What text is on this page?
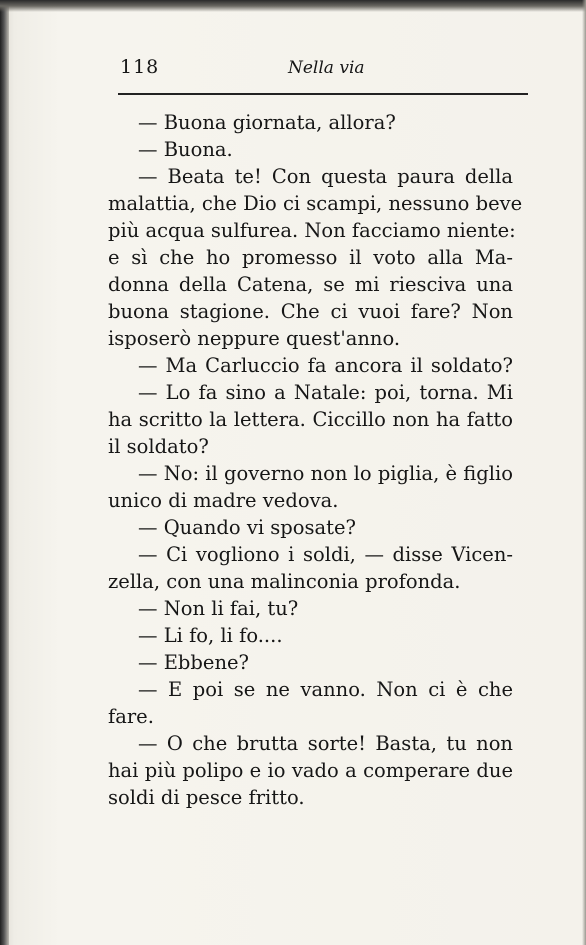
118	Nella via
— Buona giornata, allora?
— Buona.
— Beata te! Con questa paura della
malattia, che Dio ci scampi, nessuno beve
più acqua sulfurea. Non facciamo niente:
e sì che ho promesso il voto alla Ma-
donna della Catena, se mi riesciva una
buona stagione. Che ci vuoi fare? Non
isposerò neppure quest'anno.
— Ma Carluccio fa ancora il soldato?
— Lo fa sino a Natale: poi, torna. Mi
ha scritto la lettera. Ciccillo non ha fatto
il soldato?
— No: il governo non lo piglia, è figlio
unico di madre vedova.
— Quando vi sposate?
— Ci vogliono i soldi, — disse Vicen-
zella, con una malinconia profonda.
— Non li fai, tu?
— Li fo, li fo....
— Ebbene?
— E poi se ne vanno. Non ci è che
fare.
— O che brutta sorte! Basta, tu non
hai più polipo e io vado a comperare due
soldi di pesce fritto.
